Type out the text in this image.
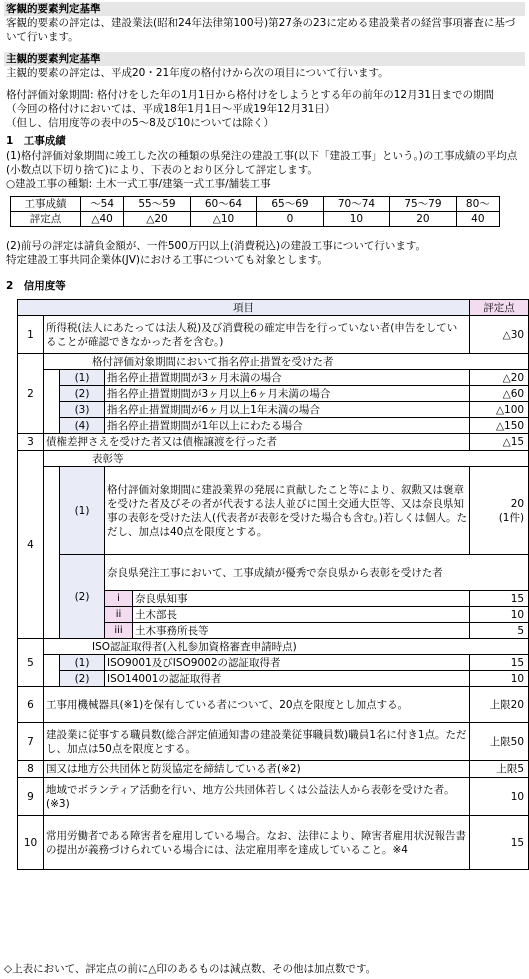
客観的要素判定基準
客観的要素の評定は、建設業法(昭和24年法律第100号)第27条の23に定める建設業者の経営事項審査に基づいて行います。
主観的要素判定基準
主観的要素の評定は、平成20・21年度の格付けから次の項目について行います。
格付評価対象期間: 格付けをした年の1月1日から格付けをしようとする年の前年の12月31日までの期間
（今回の格付けにおいては、平成18年1月1日～平成19年12月31日）
（但し、信用度等の表中の5～8及び10については除く）
1　工事成績
(1)格付評価対象期間に竣工した次の種類の県発注の建設工事(以下「建設工事」という。)の工事成績の平均点(小数点以下切り捨て)により、下表のとおり区分して評定します。
○建設工事の種類: 土木一式工事/建築一式工事/舗装工事
工事成績	～54	55～59	60～64	65～69	70～74	75～79	80～
評定点	△40	△20	△10	0	10	20	40
(2)前号の評定は請負金額が、一件500万円以上(消費税込)の建設工事について行います。
特定建設工事共同企業体(JV)における工事についても対象とします。
2　信用度等
項目					評定点
1	所得税(法人にあたっては法人税)及び消費税の確定申告を行っていない者(申告をしていることが確認できなかった者を含む。)				△30
2	格付評価対象期間において指名停止措置を受けた者				
		(1)	指名停止措置期間が3ヶ月未満の場合		△20
		(2)	指名停止措置期間が3ヶ月以上6ヶ月未満の場合		△60
		(3)	指名停止措置期間が6ヶ月以上1年未満の場合		△100
		(4)	指名停止措置期間が1年以上にわたる場合		△150
3	債権差押さえを受けた者又は債権譲渡を行った者				△15
4	表彰等				
		(1)	格付評価対象期間に建設業界の発展に貢献したこと等により、叙勲又は褒章を受けた者及びその者が代表する法人並びに国土交通大臣等、又は奈良県知事の表彰を受けた法人(代表者が表彰を受けた場合も含む。)若しくは個人。ただし、加点は40点を限度とする。		20
(1件)

		(2)	奈良県発注工事において、工事成績が優秀で奈良県から表彰を受けた者		
			i	奈良県知事	15
			ii	土木部長	10
			iii	土木事務所長等	5
5	ISO認証取得者(入札参加資格審査申請時点)				
		(1)	ISO9001及びISO9002の認証取得者		15
		(2)	ISO14001の認証取得者		10
6	工事用機械器具(※1)を保有している者について、20点を限度とし加点する。				上限20
7	建設業に従事する職員数(総合評定値通知書の建設業従事職員数)職員1名に付き1点。ただし、加点は50点を限度とする。				上限50
8	国又は地方公共団体と防災協定を締結している者(※2)				上限5
9	地域でボランティア活動を行い、地方公共団体若しくは公益法人から表彰を受けた者。(※3)				10
10	常用労働者である障害者を雇用している場合。なお、法律により、障害者雇用状況報告書の提出が義務づけられている場合には、法定雇用率を達成していること。※4				15
◇上表において、評定点の前に△印のあるものは減点数、その他は加点数です。
